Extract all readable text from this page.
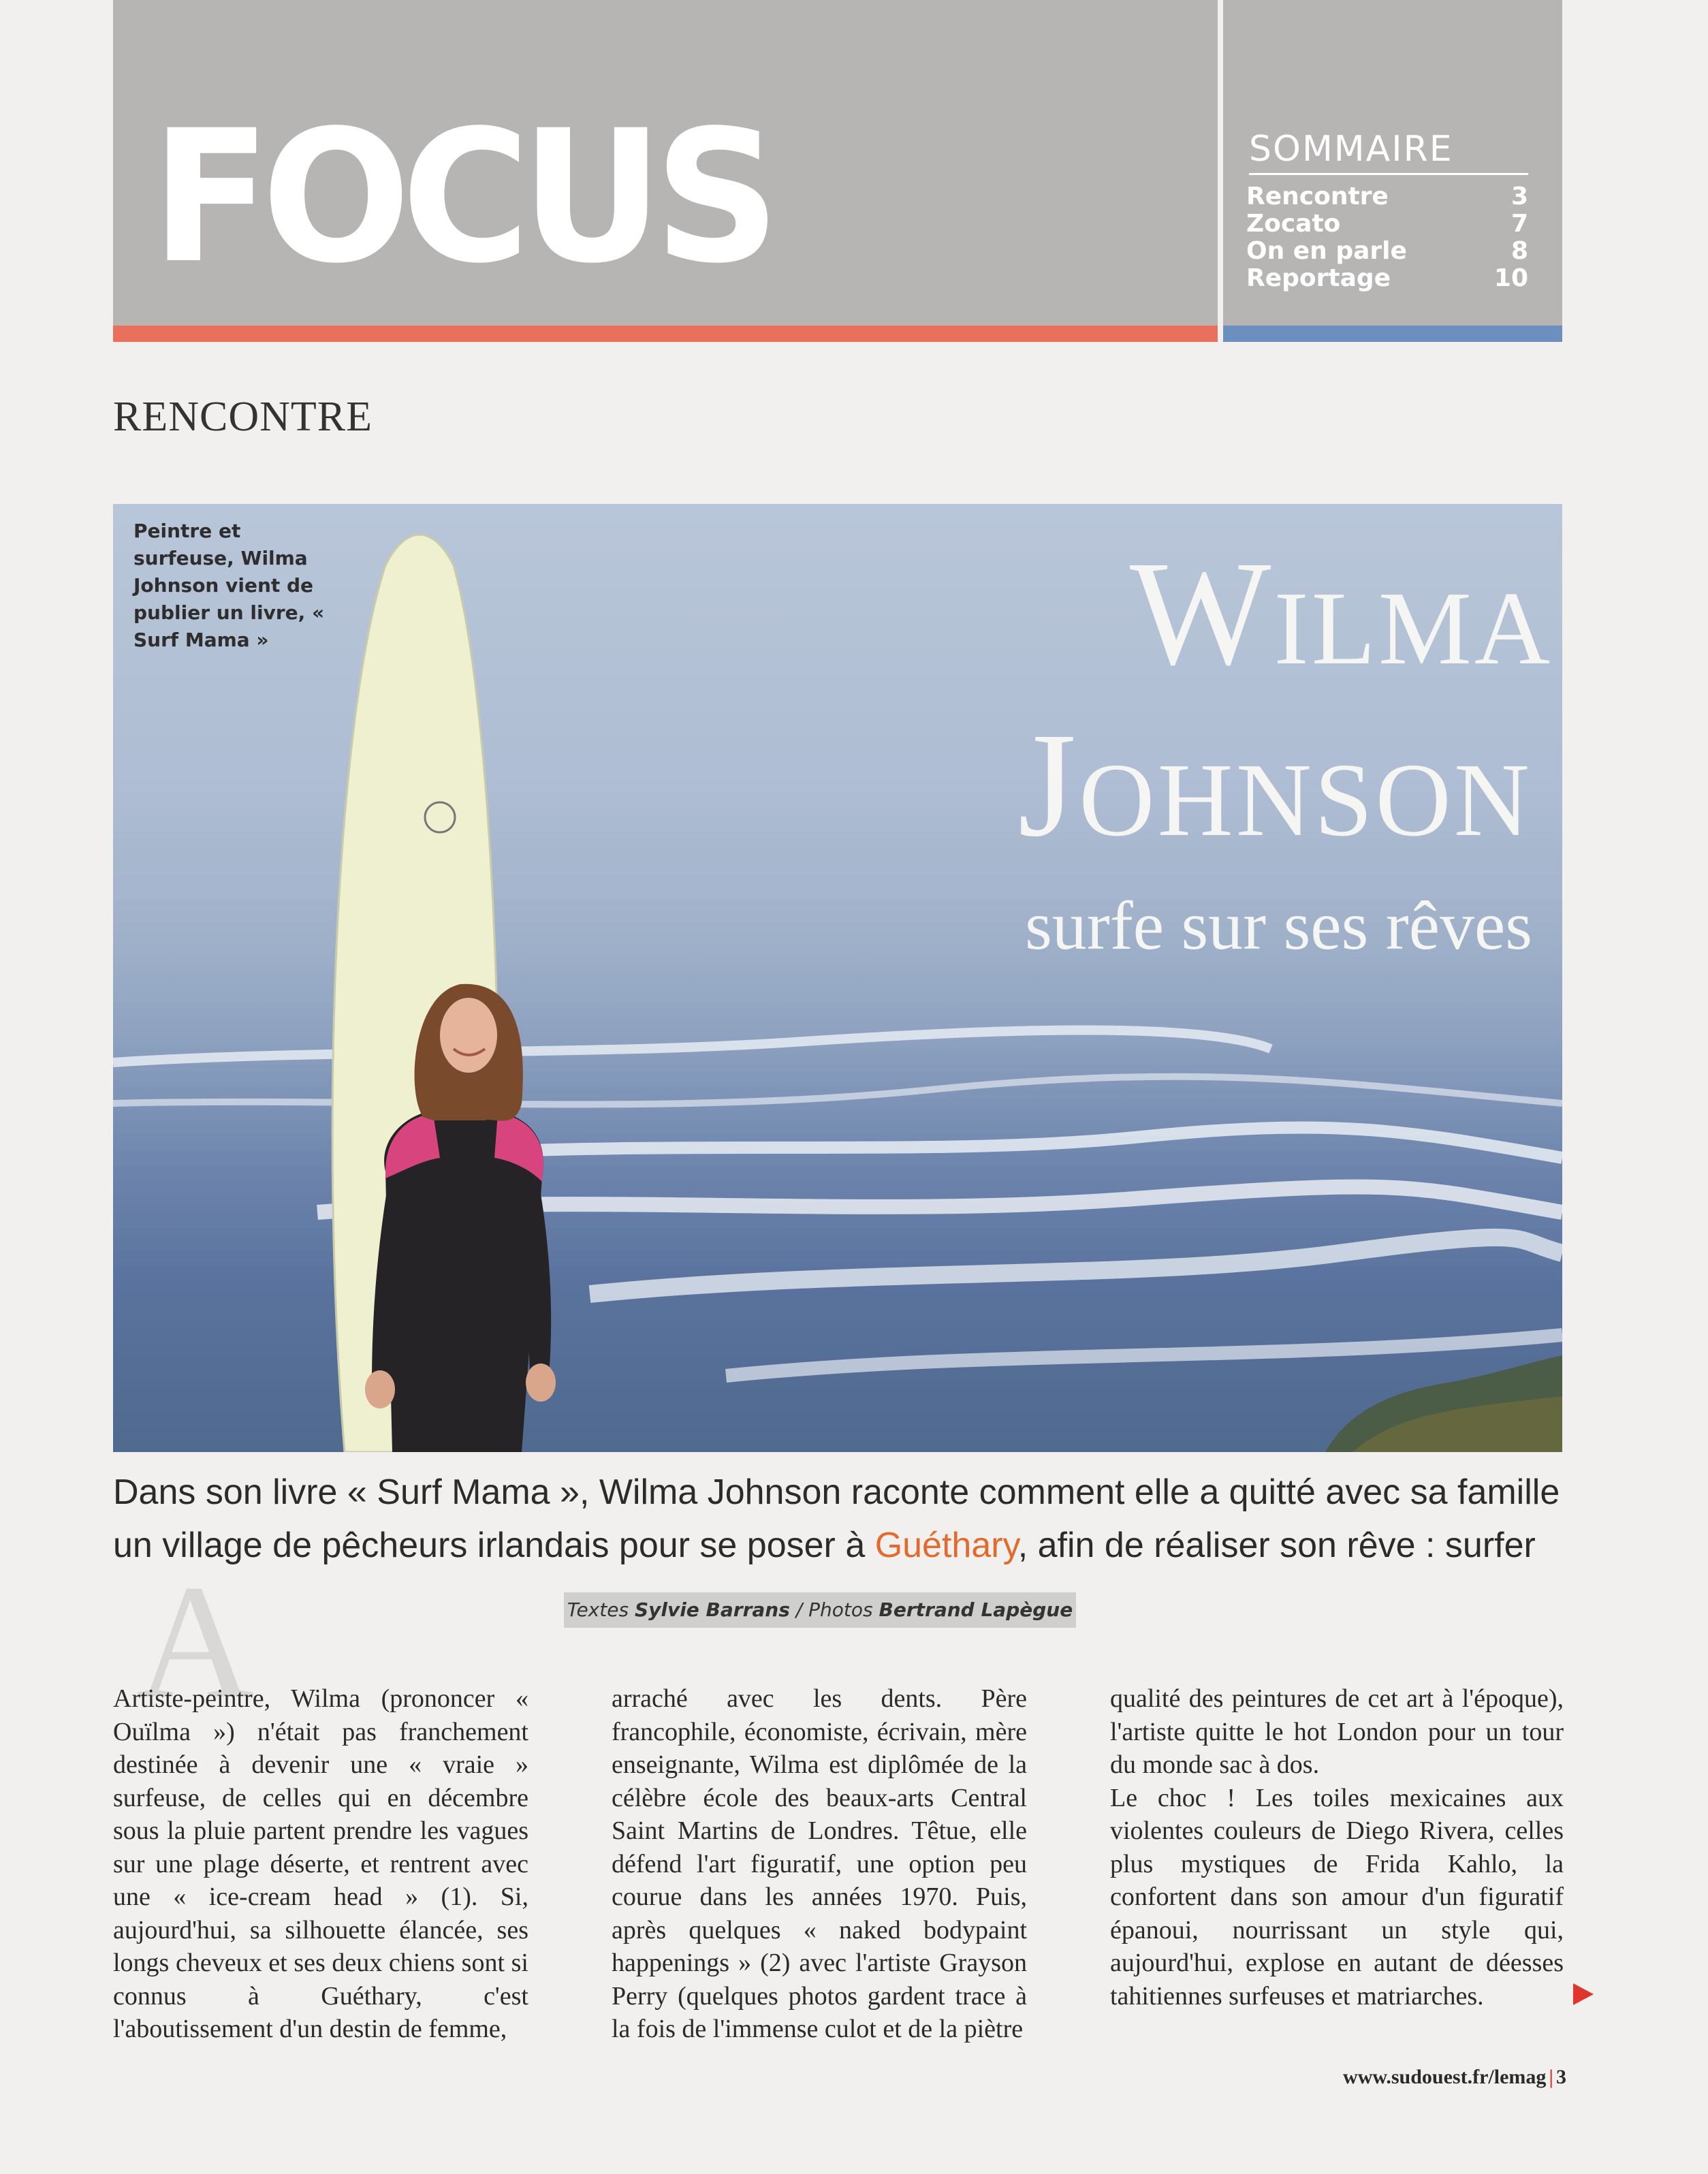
FOCUS	SOMMAIRE
Rencontre	3
Zocato	7
On en parle	8
Reportage	10
RENCONTRE
Peintre et surfeuse, Wilma Johnson vient de publier un livre, « Surf Mama »	Wilma
Johnson
surfe sur ses rêves
Dans son livre « Surf Mama », Wilma Johnson raconte comment elle a quitté avec sa famille un village de pêcheurs irlandais pour se poser à Guéthary, afin de réaliser son rêve : surfer
Textes Sylvie Barrans / Photos Bertrand Lapègue
A

Artiste-peintre, Wilma (prononcer « Ouïlma ») n'était pas franchement destinée à devenir une « vraie » surfeuse, de celles qui en décembre sous la pluie partent prendre les vagues sur une plage déserte, et rentrent avec une « ice-cream head » (1). Si, aujourd'hui, sa silhouette élancée, ses longs cheveux et ses deux chiens sont si connus à Guéthary, c'est l'aboutissement d'un destin de femme,

arraché avec les dents. Père francophile, économiste, écrivain, mère enseignante, Wilma est diplômée de la célèbre école des beaux-arts Central Saint Martins de Londres. Têtue, elle défend l'art figuratif, une option peu courue dans les années 1970. Puis, après quelques « naked bodypaint happenings » (2) avec l'artiste Grayson Perry (quelques photos gardent trace à la fois de l'immense culot et de la piètre

qualité des peintures de cet art à l'époque), l'artiste quitte le hot London pour un tour du monde sac à dos.

Le choc ! Les toiles mexicaines aux violentes couleurs de Diego Rivera, celles plus mystiques de Frida Kahlo, la confortent dans son amour d'un figuratif épanoui, nourrissant un style qui, aujourd'hui, explose en autant de déesses tahitiennes surfeuses et matriarches.

www.sudouest.fr/lemag | 3
